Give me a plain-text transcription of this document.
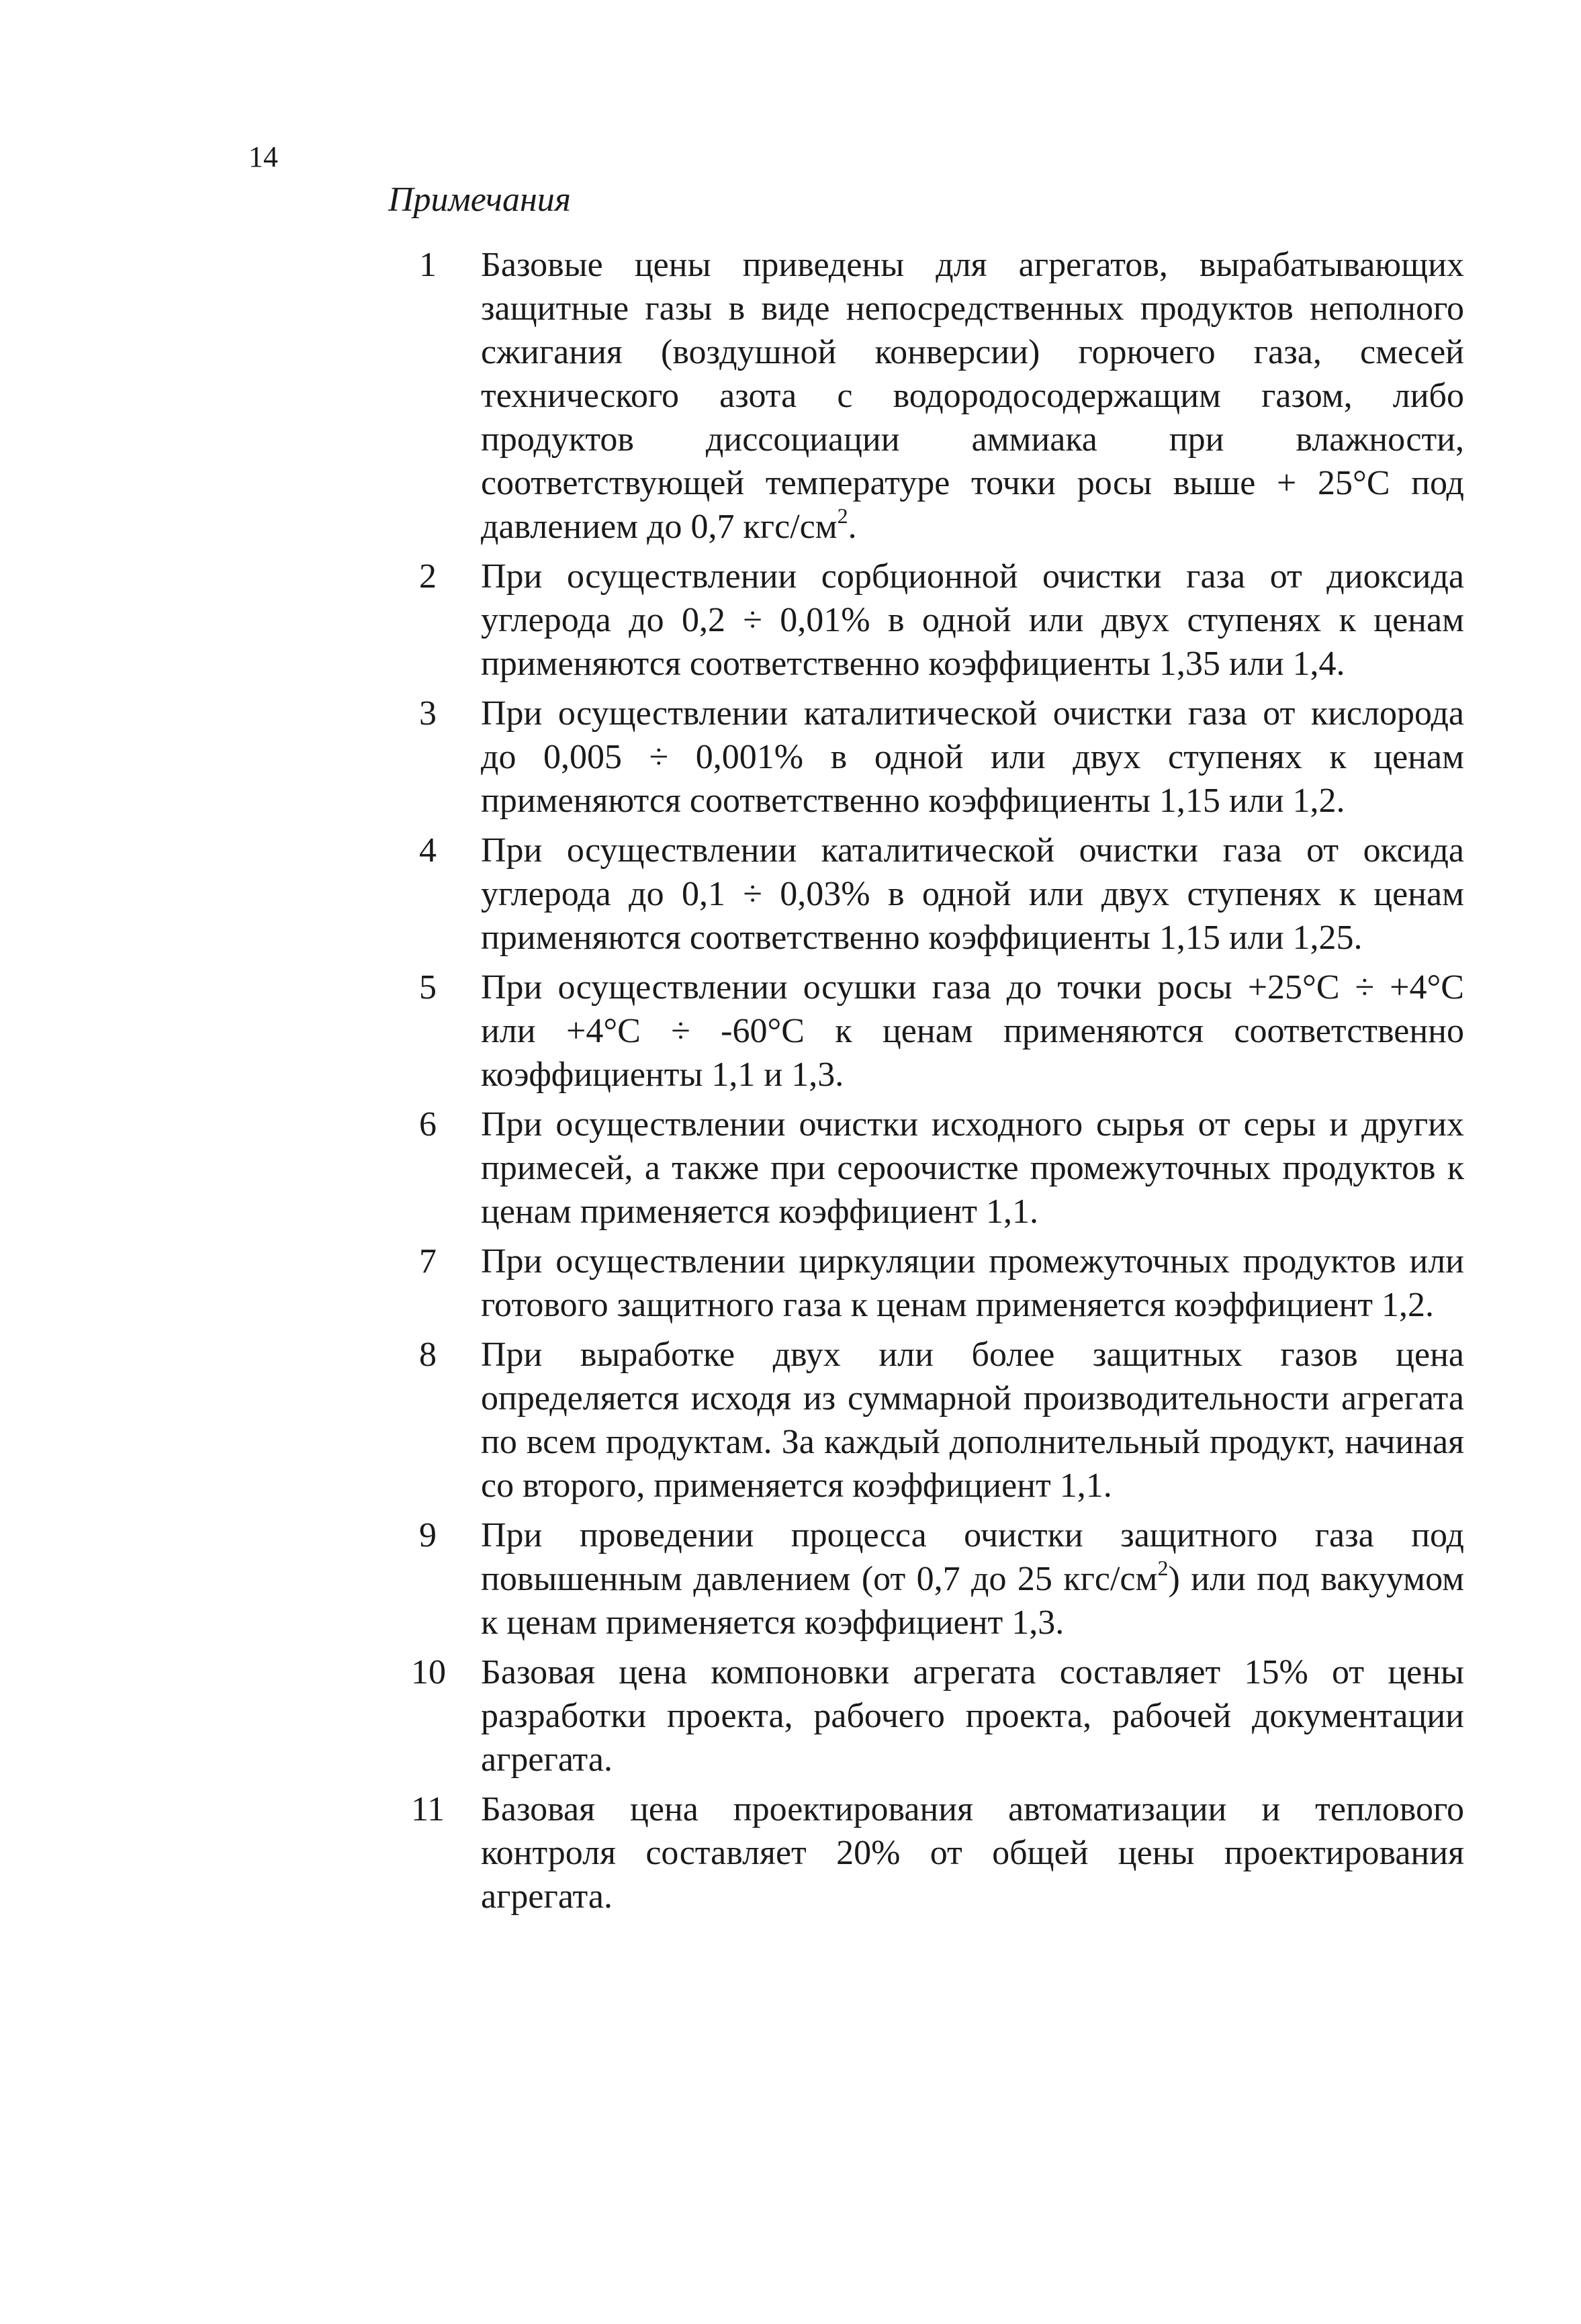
14
Примечания
1	Базовые цены приведены для агрегатов, вырабатывающих защитные газы в виде непосредственных продуктов неполного сжигания (воздушной конверсии) горючего газа, смесей технического азота с водородосодержащим газом, либо продуктов диссоциации аммиака при влажности, соответствующей температуре точки росы выше + 25°С под давлением до 0,7 кгс/$см^2$.
2	При осуществлении сорбционной очистки газа от диоксида углерода до 0,2 ÷ 0,01% в одной или двух ступенях к ценам применяются соответственно коэффициенты 1,35 или 1,4.
3	При осуществлении каталитической очистки газа от кислорода до 0,005 ÷ 0,001% в одной или двух ступенях к ценам применяются соответственно коэффициенты 1,15 или 1,2.
4	При осуществлении каталитической очистки газа от оксида углерода до 0,1 ÷ 0,03% в одной или двух ступенях к ценам применяются соответственно коэффициенты 1,15 или 1,25.
5	При осуществлении осушки газа до точки росы +25°С ÷ +4°С или +4°С ÷ -60°С к ценам применяются соответственно коэффициенты 1,1 и 1,3.
6	При осуществлении очистки исходного сырья от серы и других примесей, а также при сероочистке промежуточных продуктов к ценам применяется коэффициент 1,1.
7	При осуществлении циркуляции промежуточных продуктов или готового защитного газа к ценам применяется коэффициент 1,2.
8	При выработке двух или более защитных газов цена определяется исходя из суммарной производительности агрегата по всем продуктам. За каждый дополнительный продукт, начиная со второго, применяется коэффициент 1,1.
9	При проведении процесса очистки защитного газа под повышенным давлением (от 0,7 до 25 кгс/$см^2$) или под вакуумом к ценам применяется коэффициент 1,3.
10	Базовая цена компоновки агрегата составляет 15% от цены разработки проекта, рабочего проекта, рабочей документации агрегата.
11	Базовая цена проектирования автоматизации и теплового контроля составляет 20% от общей цены проектирования агрегата.
